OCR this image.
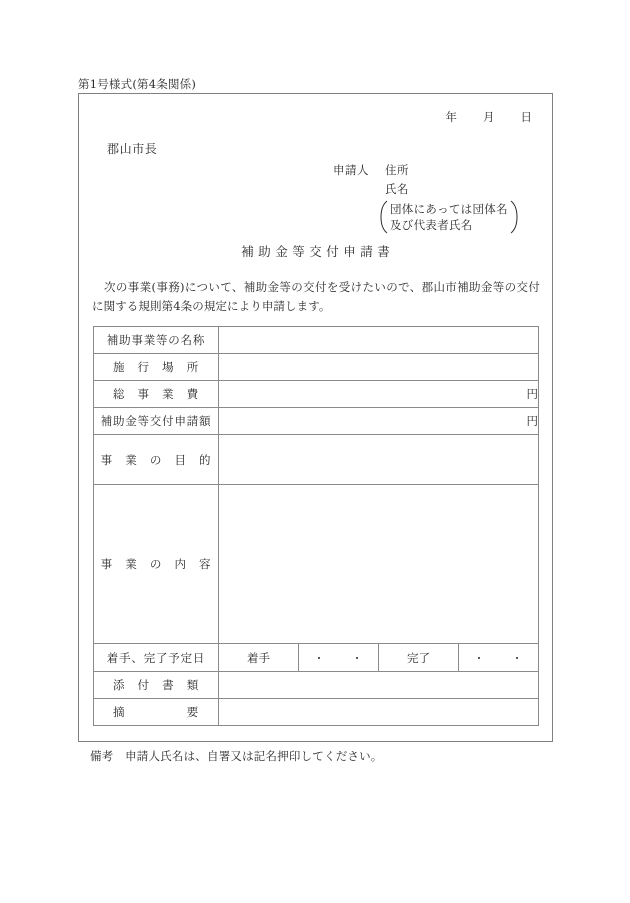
第1号様式(第4条関係)
年 月 日
郡山市長
申請人	住所
氏名
団体にあっては団体名
及び代表者氏名
補助金等交付申請書

次の事業(事務)について、補助金等の交付を受けたいので、郡山市補助金等の交付に関する規則第4条の規定により申請します。

補助事業等の名称				
施　行　場　所				
総　事　業　費	円			
補助金等交付申請額	円			
事　業　の　目　的				
事　業　の　内　容				
着手、完了予定日	着手	・ ・	完了	・ ・

添　付　書　類				
摘　　　　　要				
備考　申請人氏名は、自署又は記名押印してください。
